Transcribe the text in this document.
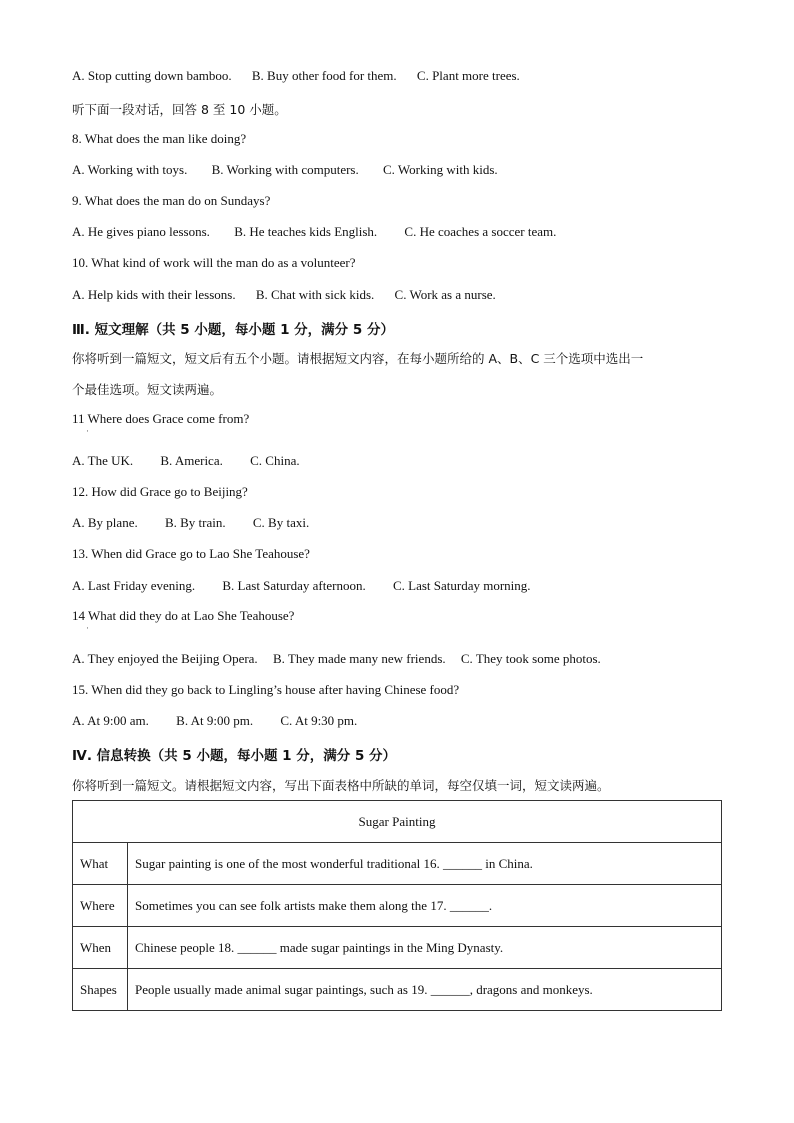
A. Stop cutting down bamboo. B. Buy other food for them. C. Plant more trees.
听下面一段对话，回答 8 至 10 小题。
8. What does the man like doing?
A. Working with toys. B. Working with computers. C. Working with kids.
9. What does the man do on Sundays?
A. He gives piano lessons. B. He teaches kids English. C. He coaches a soccer team.
10. What kind of work will the man do as a volunteer?
A. Help kids with their lessons. B. Chat with sick kids. C. Work as a nurse.
Ⅲ. 短文理解（共 5 小题，每小题 1 分，满分 5 分）
你将听到一篇短文，短文后有五个小题。请根据短文内容，在每小题所给的 A、B、C 三个选项中选出一
个最佳选项。短文读两遍。
11 Where does Grace come from?
·
A. The UK. B. America. C. China.
12. How did Grace go to Beijing?
A. By plane. B. By train. C. By taxi.
13. When did Grace go to Lao She Teahouse?
A. Last Friday evening. B. Last Saturday afternoon. C. Last Saturday morning.
14 What did they do at Lao She Teahouse?
·
A. They enjoyed the Beijing Opera. B. They made many new friends. C. They took some photos.
15. When did they go back to Lingling’s house after having Chinese food?
A. At 9:00 am. B. At 9:00 pm. C. At 9:30 pm.
Ⅳ. 信息转换（共 5 小题，每小题 1 分，满分 5 分）
你将听到一篇短文。请根据短文内容，写出下面表格中所缺的单词，每空仅填一词，短文读两遍。
Sugar Painting	
What	Sugar painting is one of the most wonderful traditional 16. ______ in China.
Where	Sometimes you can see folk artists make them along the 17. ______.
When	Chinese people 18. ______ made sugar paintings in the Ming Dynasty.
Shapes	People usually made animal sugar paintings, such as 19. ______, dragons and monkeys.
